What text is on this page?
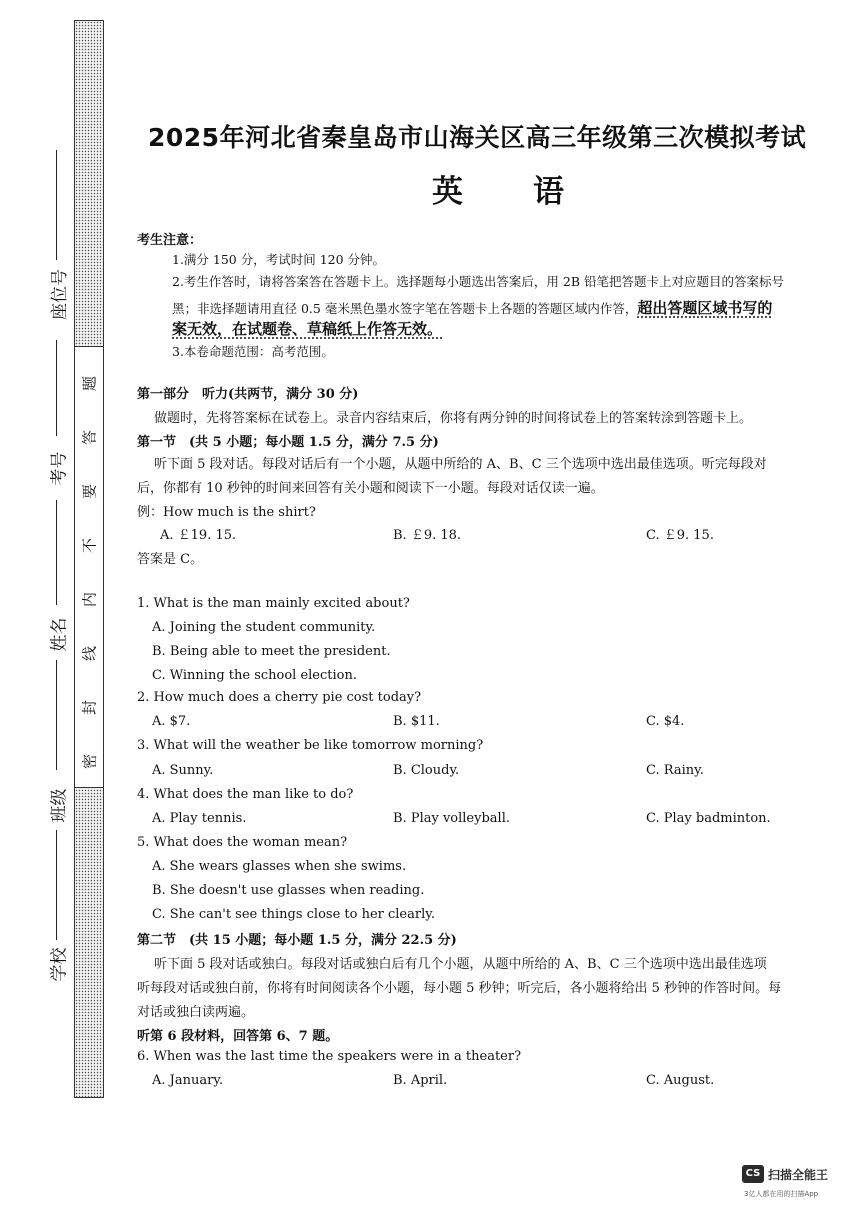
题
答
要
不
内
线
封
密
座位号
考号
姓名
班级
学校
2025年河北省秦皇岛市山海关区高三年级第三次模拟考试
英语
考生注意：
1.满分 150 分，考试时间 120 分钟。
2.考生作答时，请将答案答在答题卡上。选择题每小题选出答案后，用 2B 铅笔把答题卡上对应题目的答案标号
黑；非选择题请用直径 0.5 毫米黑色墨水签字笔在答题卡上各题的答题区域内作答，超出答题区域书写的
案无效，在试题卷、草稿纸上作答无效。
3.本卷命题范围：高考范围。
第一部分　听力(共两节，满分 30 分)
做题时，先将答案标在试卷上。录音内容结束后，你将有两分钟的时间将试卷上的答案转涂到答题卡上。
第一节　(共 5 小题；每小题 1.5 分，满分 7.5 分)
听下面 5 段对话。每段对话后有一个小题，从题中所给的 A、B、C 三个选项中选出最佳选项。听完每段对
后，你都有 10 秒钟的时间来回答有关小题和阅读下一小题。每段对话仅读一遍。
例：How much is the shirt?
A. ￡19. 15.	B. ￡9. 18.	C. ￡9. 15.
答案是 C。
1. What is the man mainly excited about?
A. Joining the student community.
B. Being able to meet the president.
C. Winning the school election.
2. How much does a cherry pie cost today?
A. $7.	B. $11.	C. $4.
3. What will the weather be like tomorrow morning?
A. Sunny.	B. Cloudy.	C. Rainy.
4. What does the man like to do?
A. Play tennis.	B. Play volleyball.	C. Play badminton.
5. What does the woman mean?
A. She wears glasses when she swims.
B. She doesn't use glasses when reading.
C. She can't see things close to her clearly.
第二节　(共 15 小题；每小题 1.5 分，满分 22.5 分)
听下面 5 段对话或独白。每段对话或独白后有几个小题，从题中所给的 A、B、C 三个选项中选出最佳选项
听每段对话或独白前，你将有时间阅读各个小题，每小题 5 秒钟；听完后，各小题将给出 5 秒钟的作答时间。每
对话或独白读两遍。
听第 6 段材料，回答第 6、7 题。
6. When was the last time the speakers were in a theater?
A. January.	B. April.	C. August.
CS 扫描全能王
3亿人都在用的扫描App
